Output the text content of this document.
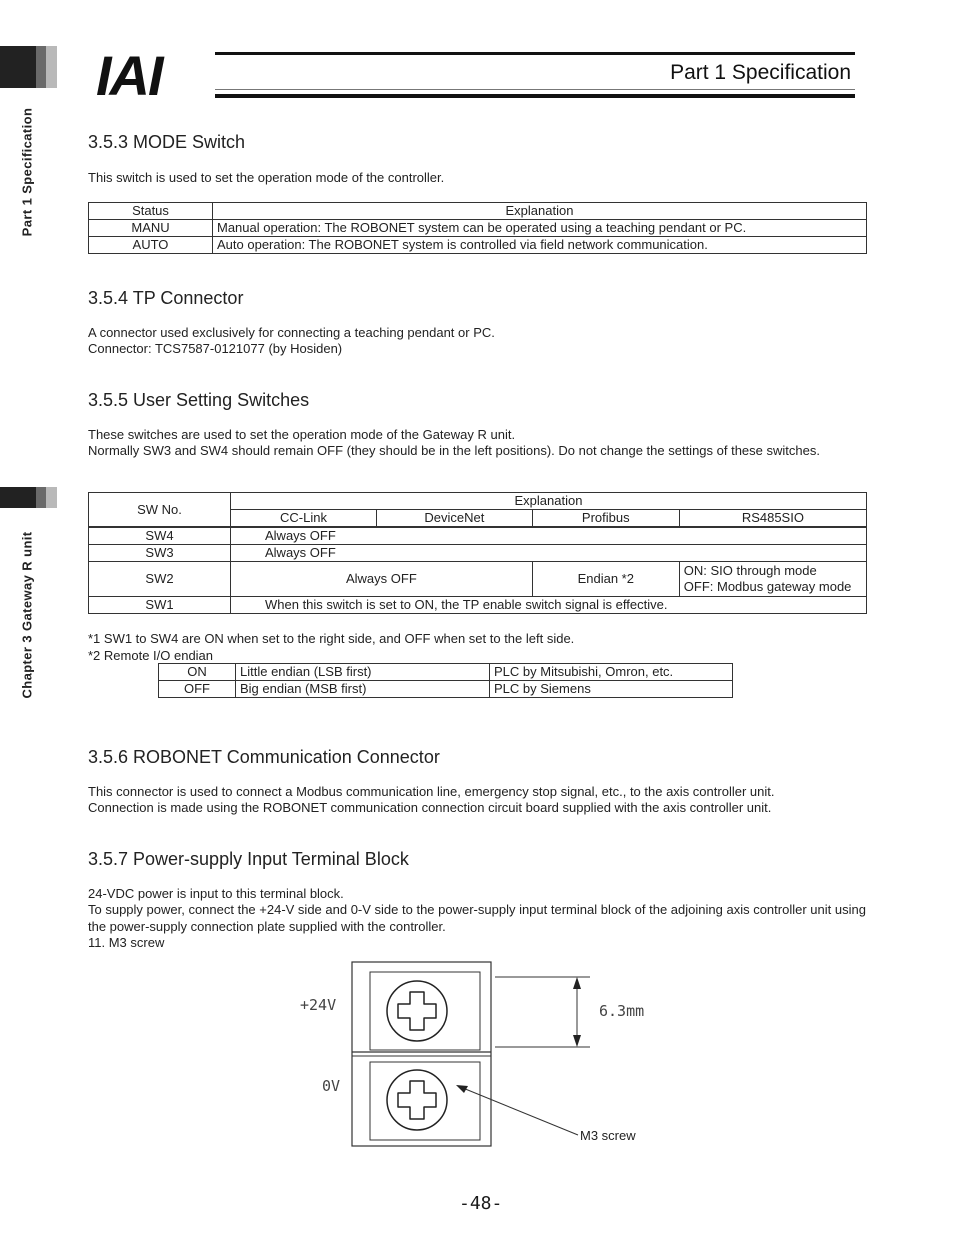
Part 1 Specification
Chapter 3 Gateway R unit
IAI	Part 1 Specification
3.5.3 MODE Switch

This switch is used to set the operation mode of the controller.

Status	Explanation
MANU	Manual operation: The ROBONET system can be operated using a teaching pendant or PC.
AUTO	Auto operation: The ROBONET system is controlled via field network communication.
3.5.4 TP Connector

A connector used exclusively for connecting a teaching pendant or PC.

Connector: TCS7587-0121077 (by Hosiden)

3.5.5 User Setting Switches

These switches are used to set the operation mode of the Gateway R unit.

Normally SW3 and SW4 should remain OFF (they should be in the left positions). Do not change the settings of these switches.

SW No.	Explanation			
	CC-Link	DeviceNet	Profibus	RS485SIO
SW4	Always OFF			
SW3	Always OFF			
SW2	Always OFF		Endian *2	ON: SIO through mode
OFF: Modbus gateway mode

SW1	When this switch is set to ON, the TP enable switch signal is effective.			

*1 SW1 to SW4 are ON when set to the right side, and OFF when set to the left side.

*2 Remote I/O endian

ON	Little endian (LSB first)	PLC by Mitsubishi, Omron, etc.
OFF	Big endian (MSB first)	PLC by Siemens
3.5.6 ROBONET Communication Connector

This connector is used to connect a Modbus communication line, emergency stop signal, etc., to the axis controller unit.

Connection is made using the ROBONET communication connection circuit board supplied with the axis controller unit.

3.5.7 Power-supply Input Terminal Block

24-VDC power is input to this terminal block.

To supply power, connect the +24-V side and 0-V side to the power-supply input terminal block of the adjoining axis controller unit using the power-supply connection plate supplied with the controller.

11. M3 screw

+24V
0V
6.3mm
M3 screw
-48-
